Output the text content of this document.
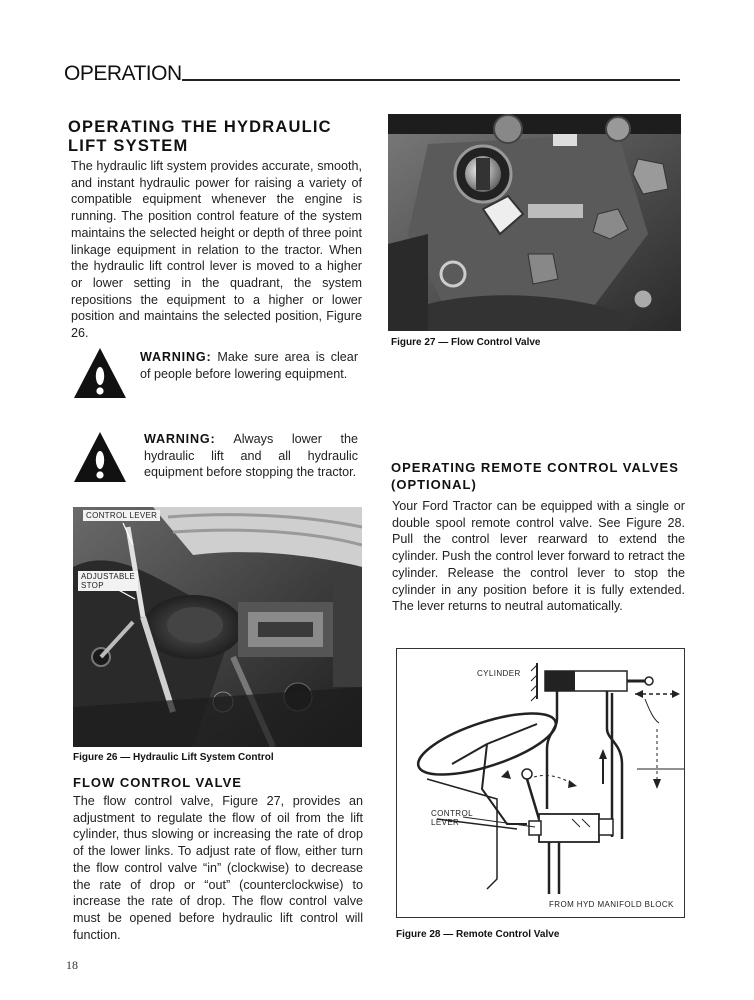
OPERATION
OPERATING THE HYDRAULIC
LIFT SYSTEM

The hydraulic lift system provides accurate, smooth, and instant hydraulic power for raising a variety of compatible equipment whenever the engine is running. The position control feature of the system maintains the selected height or depth of three point linkage equipment in relation to the tractor. When the hydraulic lift control lever is moved to a higher or lower setting in the quadrant, the system repositions the equipment to a higher or lower position and maintains the selected position, Figure 26.

WARNING: Make sure area is clear of people before lowering equipment.

WARNING: Always lower the hydraulic lift and all hydraulic equipment before stopping the tractor.

CONTROL LEVER
ADJUSTABLE
STOP
Figure 26 — Hydraulic Lift System Control
FLOW CONTROL VALVE

The flow control valve, Figure 27, provides an adjustment to regulate the flow of oil from the lift cylinder, thus slowing or increasing the rate of drop of the lower links. To adjust rate of flow, either turn the flow control valve “in” (clockwise) to decrease the rate of drop or “out” (counterclockwise) to increase the rate of drop. The flow control valve must be opened before hydraulic lift control will function.

Figure 27 — Flow Control Valve
OPERATING REMOTE CONTROL VALVES
(OPTIONAL)

Your Ford Tractor can be equipped with a single or double spool remote control valve. See Figure 28. Pull the control lever rearward to extend the cylinder. Push the control lever forward to retract the cylinder. Release the control lever to stop the cylinder in any position before it is fully extended. The lever returns to neutral automatically.

CYLINDER
CONTROL
LEVER
FROM HYD MANIFOLD BLOCK
Figure 28 — Remote Control Valve
18
